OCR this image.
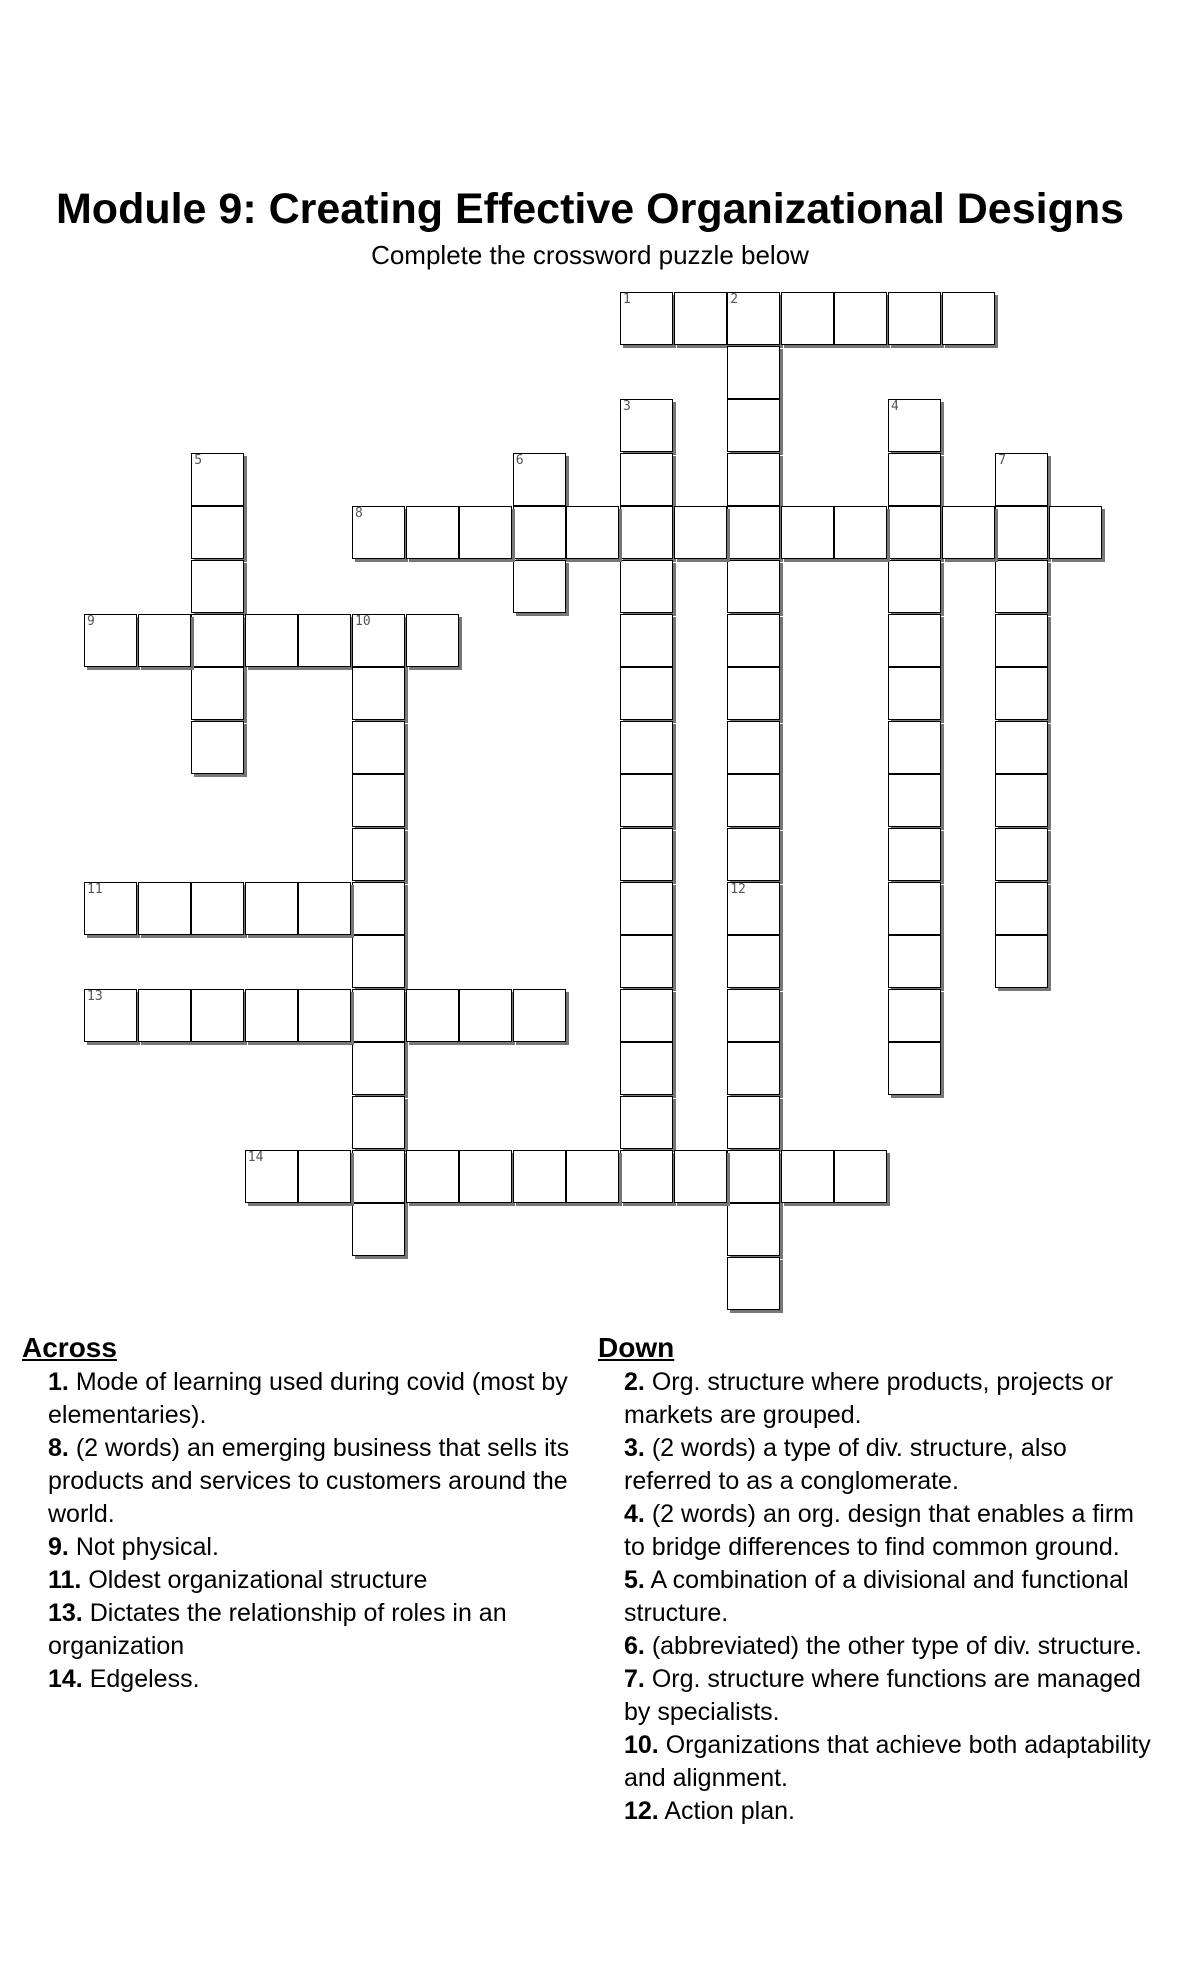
Module 9: Creating Effective Organizational Designs

Complete the crossword puzzle below

1	2
3	4
5	6	7
8
9	10
11	12
13
14
Across

1. Mode of learning used during covid (most by elementaries).

8. (2 words) an emerging business that sells its products and services to customers around the world.

9. Not physical.

11. Oldest organizational structure

13. Dictates the relationship of roles in an organization

14. Edgeless.

Down

2. Org. structure where products, projects or markets are grouped.

3. (2 words) a type of div. structure, also referred to as a conglomerate.

4. (2 words) an org. design that enables a firm to bridge differences to find common ground.

5. A combination of a divisional and functional structure.

6. (abbreviated) the other type of div. structure.

7. Org. structure where functions are managed by specialists.

10. Organizations that achieve both adaptability and alignment.

12. Action plan.
